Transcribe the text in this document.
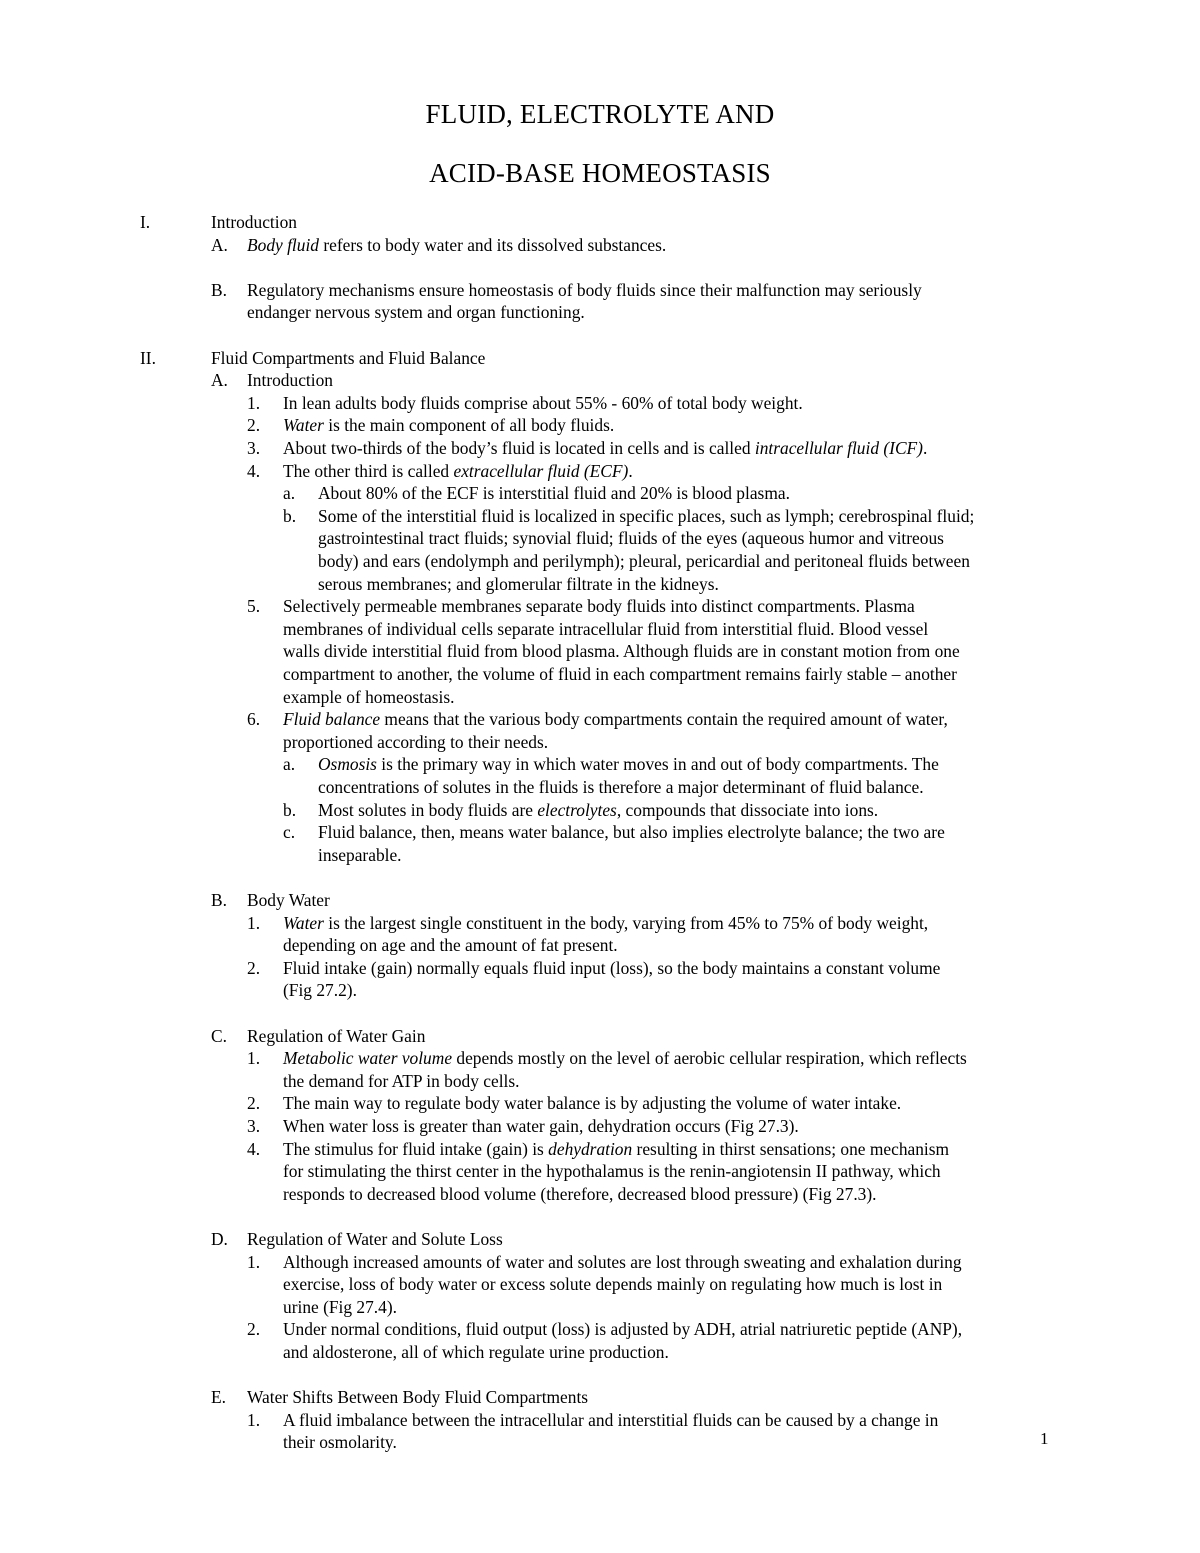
FLUID, ELECTROLYTE AND
ACID-BASE HOMEOSTASIS
I.	Introduction
A. Body fluid refers to body water and its dissolved substances.
B. Regulatory mechanisms ensure homeostasis of body fluids since their malfunction may seriously
endanger nervous system and organ functioning.
II.	Fluid Compartments and Fluid Balance
A. Introduction
1. In lean adults body fluids comprise about 55% - 60% of total body weight.
2. Water is the main component of all body fluids.
3. About two-thirds of the body’s fluid is located in cells and is called intracellular fluid (ICF).
4. The other third is called extracellular fluid (ECF).
a. About 80% of the ECF is interstitial fluid and 20% is blood plasma.
b. Some of the interstitial fluid is localized in specific places, such as lymph; cerebrospinal fluid;
gastrointestinal tract fluids; synovial fluid; fluids of the eyes (aqueous humor and vitreous
body) and ears (endolymph and perilymph); pleural, pericardial and peritoneal fluids between
serous membranes; and glomerular filtrate in the kidneys.
5. Selectively permeable membranes separate body fluids into distinct compartments. Plasma
membranes of individual cells separate intracellular fluid from interstitial fluid. Blood vessel
walls divide interstitial fluid from blood plasma. Although fluids are in constant motion from one
compartment to another, the volume of fluid in each compartment remains fairly stable – another
example of homeostasis.
6. Fluid balance means that the various body compartments contain the required amount of water,
proportioned according to their needs.
a. Osmosis is the primary way in which water moves in and out of body compartments. The
concentrations of solutes in the fluids is therefore a major determinant of fluid balance.
b. Most solutes in body fluids are electrolytes, compounds that dissociate into ions.
c. Fluid balance, then, means water balance, but also implies electrolyte balance; the two are
inseparable.
B. Body Water
1. Water is the largest single constituent in the body, varying from 45% to 75% of body weight,
depending on age and the amount of fat present.
2. Fluid intake (gain) normally equals fluid input (loss), so the body maintains a constant volume
(Fig 27.2).
C. Regulation of Water Gain
1. Metabolic water volume depends mostly on the level of aerobic cellular respiration, which reflects
the demand for ATP in body cells.
2. The main way to regulate body water balance is by adjusting the volume of water intake.
3. When water loss is greater than water gain, dehydration occurs (Fig 27.3).
4. The stimulus for fluid intake (gain) is dehydration resulting in thirst sensations; one mechanism
for stimulating the thirst center in the hypothalamus is the renin-angiotensin II pathway, which
responds to decreased blood volume (therefore, decreased blood pressure) (Fig 27.3).
D. Regulation of Water and Solute Loss
1. Although increased amounts of water and solutes are lost through sweating and exhalation during
exercise, loss of body water or excess solute depends mainly on regulating how much is lost in
urine (Fig 27.4).
2. Under normal conditions, fluid output (loss) is adjusted by ADH, atrial natriuretic peptide (ANP),
and aldosterone, all of which regulate urine production.
E. Water Shifts Between Body Fluid Compartments
1. A fluid imbalance between the intracellular and interstitial fluids can be caused by a change in
their osmolarity.	1
